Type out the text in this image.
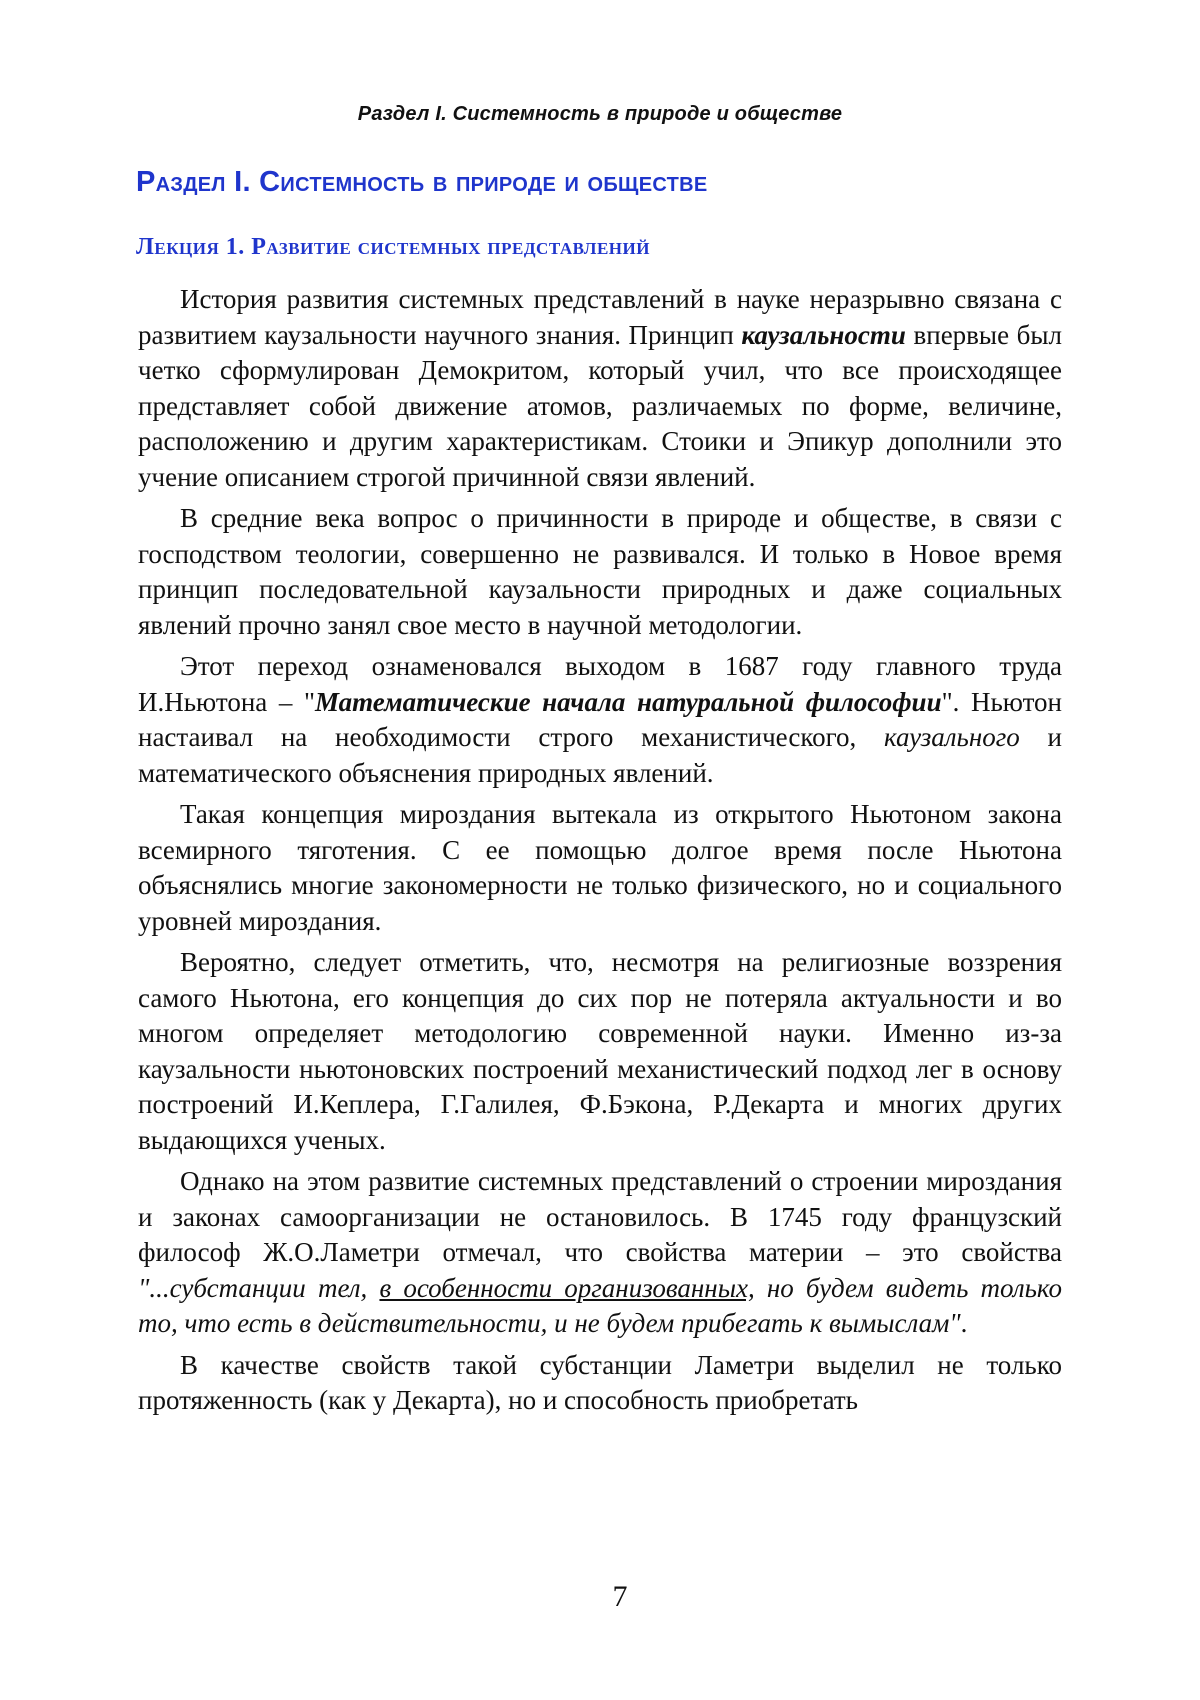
Раздел I. Системность в природе и обществе
Раздел I. Системность в природе и обществе
Лекция 1. Развитие системных представлений

История развития системных представлений в науке неразрывно связана с развитием каузальности научного знания. Принцип каузальности впервые был четко сформулирован Демокритом, который учил, что все происходящее представляет собой движение атомов, различаемых по форме, величине, расположению и другим характеристикам. Стоики и Эпикур дополнили это учение описанием строгой причинной связи явлений.

В средние века вопрос о причинности в природе и обществе, в связи с господством теологии, совершенно не развивался. И только в Новое время принцип последовательной каузальности природных и даже социальных явлений прочно занял свое место в научной методологии.

Этот переход ознаменовался выходом в 1687 году главного труда И.Ньютона – "Математические начала натуральной философии". Ньютон настаивал на необходимости строго механистического, каузального и математического объяснения природных явлений.

Такая концепция мироздания вытекала из открытого Ньютоном закона всемирного тяготения. С ее помощью долгое время после Ньютона объяснялись многие закономерности не только физического, но и социального уровней мироздания.

Вероятно, следует отметить, что, несмотря на религиозные воззрения самого Ньютона, его концепция до сих пор не потеряла актуальности и во многом определяет методологию современной науки. Именно из-за каузальности ньютоновских построений механистический подход лег в основу построений И.Кеплера, Г.Галилея, Ф.Бэкона, Р.Декарта и многих других выдающихся ученых.

Однако на этом развитие системных представлений о строении мироздания и законах самоорганизации не остановилось. В 1745 году французский философ Ж.О.Ламетри отмечал, что свойства материи – это свойства "...субстанции тел, в особенности организованных, но будем видеть только то, что есть в действительности, и не будем прибегать к вымыслам".

В качестве свойств такой субстанции Ламетри выделил не только протяженность (как у Декарта), но и способность приобретать

7
